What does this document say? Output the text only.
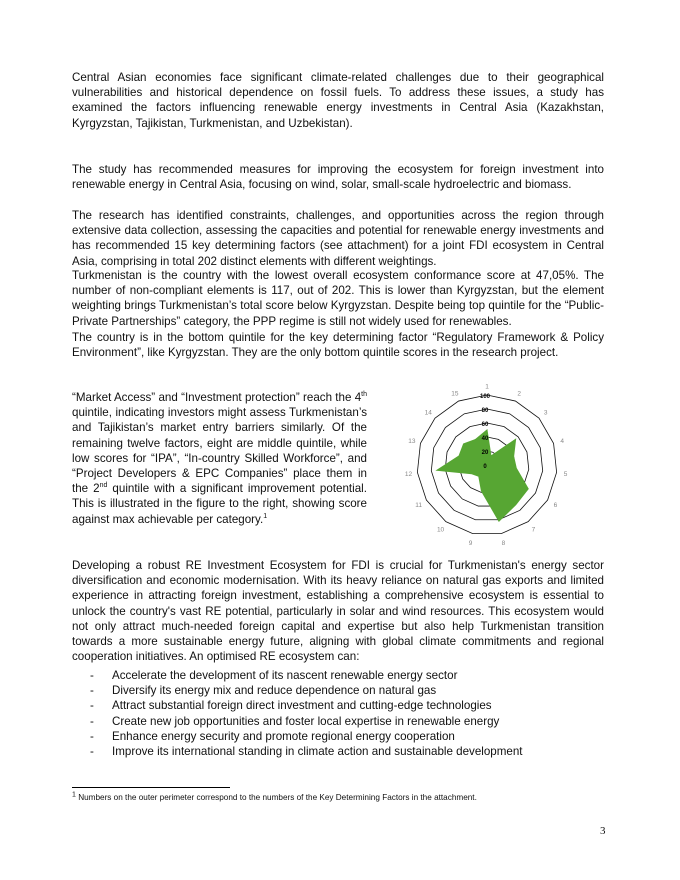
Central Asian economies face significant climate-related challenges due to their geographical vulnerabilities and historical dependence on fossil fuels. To address these issues, a study has examined the factors influencing renewable energy investments in Central Asia (Kazakhstan, Kyrgyzstan, Tajikistan, Turkmenistan, and Uzbekistan).

The study has recommended measures for improving the ecosystem for foreign investment into renewable energy in Central Asia, focusing on wind, solar, small-scale hydroelectric and biomass.

The research has identified constraints, challenges, and opportunities across the region through extensive data collection, assessing the capacities and potential for renewable energy investments and has recommended 15 key determining factors (see attachment) for a joint FDI ecosystem in Central Asia, comprising in total 202 distinct elements with different weightings.

Turkmenistan is the country with the lowest overall ecosystem conformance score at 47,05%. The number of non-compliant elements is 117, out of 202. This is lower than Kyrgyzstan, but the element weighting brings Turkmenistan’s total score below Kyrgyzstan. Despite being top quintile for the “Public-Private Partnerships” category, the PPP regime is still not widely used for renewables.

The country is in the bottom quintile for the key determining factor “Regulatory Framework & Policy Environment”, like Kyrgyzstan. They are the only bottom quintile scores in the research project.

“Market Access” and “Investment protection” reach the 4th quintile, indicating investors might assess Turkmenistan’s and Tajikistan’s market entry barriers similarly. Of the remaining twelve factors, eight are middle quintile, while low scores for “IPA”, “In-country Skilled Workforce”, and “Project Developers & EPC Companies” place them in the 2nd quintile with a significant improvement potential. This is illustrated in the figure to the right, showing score against max achievable per category.$^1$

0
20
40
60
80
100
1
2
3
4
5
6
7
8
9
10
11
12
13
14
15

Developing a robust RE Investment Ecosystem for FDI is crucial for Turkmenistan's energy sector diversification and economic modernisation. With its heavy reliance on natural gas exports and limited experience in attracting foreign investment, establishing a comprehensive ecosystem is essential to unlock the country's vast RE potential, particularly in solar and wind resources. This ecosystem would not only attract much-needed foreign capital and expertise but also help Turkmenistan transition towards a more sustainable energy future, aligning with global climate commitments and regional cooperation initiatives. An optimised RE ecosystem can:

- Accelerate the development of its nascent renewable energy sector
- Diversify its energy mix and reduce dependence on natural gas
- Attract substantial foreign direct investment and cutting-edge technologies
- Create new job opportunities and foster local expertise in renewable energy
- Enhance energy security and promote regional energy cooperation
- Improve its international standing in climate action and sustainable development
$^1$ Numbers on the outer perimeter correspond to the numbers of the Key Determining Factors in the attachment.
3
